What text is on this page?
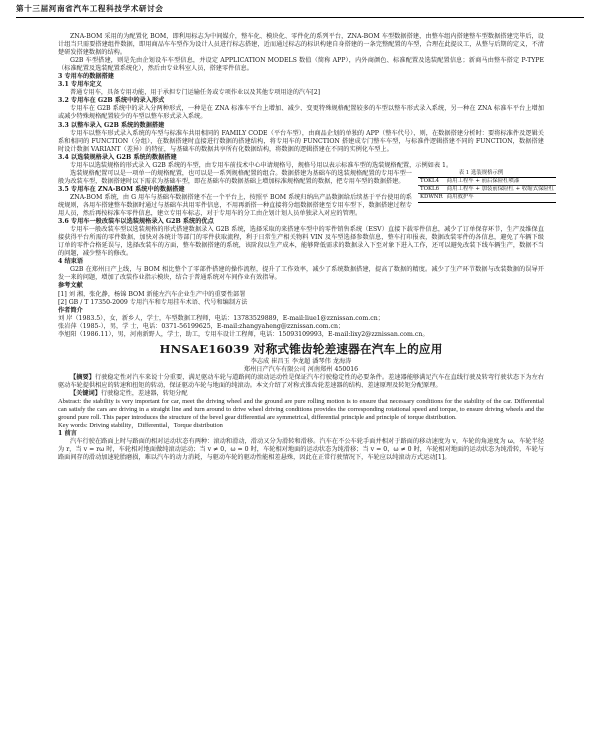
第十三届河南省汽车工程科技学术研讨会

ZNA-BOM 采用的为配置化 BOM，即利用标志为中间媒介，整车化、模块化、零件化的系列平台，ZNA-BOM 车型数据搭建，由整车组内搭建整车型数据搭建完毕后，设计组当只需要搭建组件数据，即用商品车车型作为设计人员进行标志搭建，近而通过标志的标识构建自身搭建的一条完整配置的车型，合理在此提议工，从整与后期的定义，不清楚研发搭建数据的结构。

G2B 车型搭建，则是先由企划设车车型信息，并设定 APPLICATION MODELS 数值（简称 APP），内外商颜色、标准配置及选装配置信息；新商马由整车搭定 P-TYPE（标准配置及选装配置系统化），然后由专业科室人员，搭建零件信息。

3 专用车的数据搭建

3.1 专用车定义

普通专用车，具备专用功能，用于承担专门运输任务或专项作业以及其他专项用途的汽车[2]

3.2 专用车在 G2B 系统中的录入形式

专用车在 G2B 系统中的录入分两种形式，一种是在 ZNA 标准车平台上增加、减少、变更特殊规格配置较多的车型以整车形式录入系统，另一种在 ZNA 标准车平台上增加或减少特殊规格配置较少的车型以整车形式录入系统。

3.3 以整车录入 G2B 系统的数据搭建

专用车以整车形式录入系统的车型与标准车共用相同的 FAMILY CODE（平台车型），由商品企划的单独的 APP（整车代号），则，在数据搭建分析时：要将标准件及逻辑关系和相同的 FUNCTION（分组），在数据搭建时直接进行数据的搭建结构，将专用车的 FUNCTION 搭建成专门整车车型，与标准件逻辑搭建不同的 FUNCTION，数据搭建时设计数据 VARIANT（差异）的特征，与基础车的数据共享所有化数据结构，将数据的逻辑搭建在不同的实例化车型上。

3.4 以选装规格录入 G2B 系统的数据搭建

专用车以选装规格的形式录入 G2B 系统的车型，由专用车前技术中心申请规格号，规格号用以表示标准车型的选装规格配置，示例如表 1。

表 1 选装规格示例
TOKL4	商用工程车 + 前后保险杠喷漆
TOKL6	商用工程车 + 加装前保险杠 + 收缩式保险杠
KDWNR	商用救护车

选装规格配置可以是一项单一的规格配置，也可以是一系列规格配置的组合。数据搭建为基础车的选装规格配置的专用车型一般为改装车型，数据搭建时以下需求为基础车型，即在基础车的数据基础上增加标准规格配置的数据，把专用车型的数据搭建。

3.5 专用车在 ZNA-BOM 系统中的数据搭建

ZNA-BOM 系统，由 G 用车与基础车数据搭建不在一个平台上，按照平 BOM 系统归纳出产品数据给后续基于平台使用的系统规则，各用车搭建整车数据时通过与基础车共用零件信息，不用再新搭一种直接将分组数据搭建至专用车型下，数据搭建过程专用人员，然后再按标准车零件信息，建立专用车标志，对于专用车的分工由企划计划人员单独录入对应的管理。

3.6 专用车一般改装车以选装规格录入 G2B 系统的优点

专用车一般改装车型以选装规格的形式搭建数据录入 G2B 系统，选择采取的来搭建车型中的零件销售系统（ESV）直接下载零件信息，减少了订单保存环节，生产及维保直接获得平台所需的零件数据，加快对各统计等部门的零件获取流程，利于日常生产相关物料 VIN 及车型选择参数信息，整车打印报表，数据改装零件的各信息，避免了车辆下级订单的零件合格延误与，选择改装车的方面，整车数据搭建的系统，该阶段以生产成本，能够降低需求的数据录入下至对象下进入工作，还可以避免改装下线车辆生产，数据不当的问题，减少整车的修改。

4 结束语

G2B 在郑州日产上线，与 BOM 相比整个了零部件搭建的操作流程，提升了工作效率，减少了系统数据搭建，提高了数据的精度。减少了生产环节数据与改装数据的误导开发一来的问题，增加了改装作业指示模块，结合于普通系统对车间作业有效指导。

参考文献

[1] 刘 湘，张化静，杨锦 BOM 新能左汽车企业生产中的重要性部署

[2] GB / T 17350-2009 专用汽车和专用挂车术语、代号和编制方法

作者简介

刘 岸（1983.5），女，新乡人，学士，车型数据工程师，电话：13783529889，E-mail:liue1@zznissan.com.cn；

张岩萍（1985-），男，学 士，电话：0371-56199625，E-mail:zhangyaheng@zznissan.com.cn；

李旭阳（1986.11），男，河南新野人，学士，助工，专用车设计工程师，电话：15093109993，E-mail:lixy2@zznissan.com.cn。

HNSAE16039 对称式锥齿轮差速器在汽车上的应用

李志成 崔昌玉 李龙超 潘琴伟 龙海涛

郑州日产汽车有限公司 河南郑州 450016

【摘要】行驶稳定性对汽车来说十分重要，满足驱动车轮与道路间的滚动运动性是保证汽车行驶稳定性的必要条件。差速器能够满足汽车在直线行驶及转弯行驶状态下为左右驱动车轮提供相应的转速和扭矩的转动，保证驱动车轮与地面的纯滚动。本文介绍了对称式锥齿轮差速器的结构、差速原理及转矩分配原理。

【关键词】行驶稳定性，差速器，转矩分配

Abstract: the stability is very important for car, meet the driving wheel and the ground are pure rolling motion is to ensure that necessary conditions for the stability of the car. Differential can satisfy the cars are driving in a straight line and turn around to drive wheel driving conditions provides the corresponding rotational speed and torque, to ensure driving wheels and the ground pure roll. This paper introduces the structure of the bevel gear differential are symmetrical, differential principle and principle of torque distribution.

Key words: Driving stability，Differential，Torque distribution

1 前言

汽车行驶在路面上时与路面的相对运动状态有两种：滚动和滑动，滑动又分为滑转和滑移。汽车在不公车轮手面并相对于路面的移动速度为 v，车轮的角速度为 ω，车轮半径为 r，当 v = rω 时，车轮相对地面做纯滚动运动；当 v ≠ 0，ω = 0 时，车轮相对地面的运动状态为纯滑移；当 v = 0，ω ≠ 0 时，车轮相对地面的运动状态为纯滑转，车轮与路面间存的滑动加速轮胎磨损，难以汽车的动力消耗，与驱动车轮的驱动性能相差悬殊，因此在正常行驶情况下，车轮应以纯滚动方式运动[1]。
